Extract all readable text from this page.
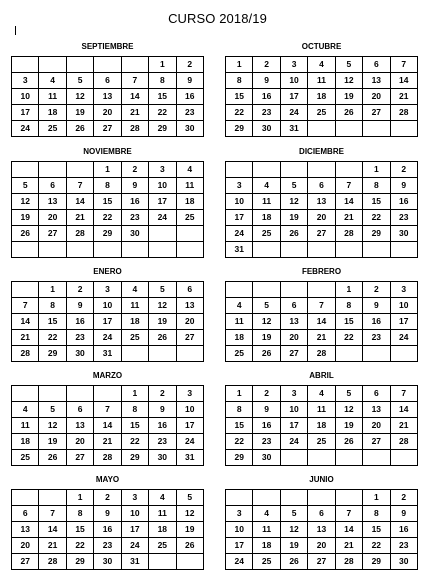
CURSO 2018/19
SEPTIEMBRE
					1	2
3	4	5	6	7	8	9
10	11	12	13	14	15	16
17	18	19	20	21	22	23
24	25	26	27	28	29	30
OCTUBRE
1	2	3	4	5	6	7
8	9	10	11	12	13	14
15	16	17	18	19	20	21
22	23	24	25	26	27	28
29	30	31				
NOVIEMBRE
			1	2	3	4
5	6	7	8	9	10	11
12	13	14	15	16	17	18
19	20	21	22	23	24	25
26	27	28	29	30		

DICIEMBRE
					1	2
3	4	5	6	7	8	9
10	11	12	13	14	15	16
17	18	19	20	21	22	23
24	25	26	27	28	29	30
31						
ENERO
	1	2	3	4	5	6
7	8	9	10	11	12	13
14	15	16	17	18	19	20
21	22	23	24	25	26	27
28	29	30	31			
FEBRERO
				1	2	3
4	5	6	7	8	9	10
11	12	13	14	15	16	17
18	19	20	21	22	23	24
25	26	27	28			
MARZO
				1	2	3
4	5	6	7	8	9	10
11	12	13	14	15	16	17
18	19	20	21	22	23	24
25	26	27	28	29	30	31
ABRIL
1	2	3	4	5	6	7
8	9	10	11	12	13	14
15	16	17	18	19	20	21
22	23	24	25	26	27	28
29	30					
MAYO
		1	2	3	4	5
6	7	8	9	10	11	12
13	14	15	16	17	18	19
20	21	22	23	24	25	26
27	28	29	30	31		
JUNIO
					1	2
3	4	5	6	7	8	9
10	11	12	13	14	15	16
17	18	19	20	21	22	23
24	25	26	27	28	29	30
